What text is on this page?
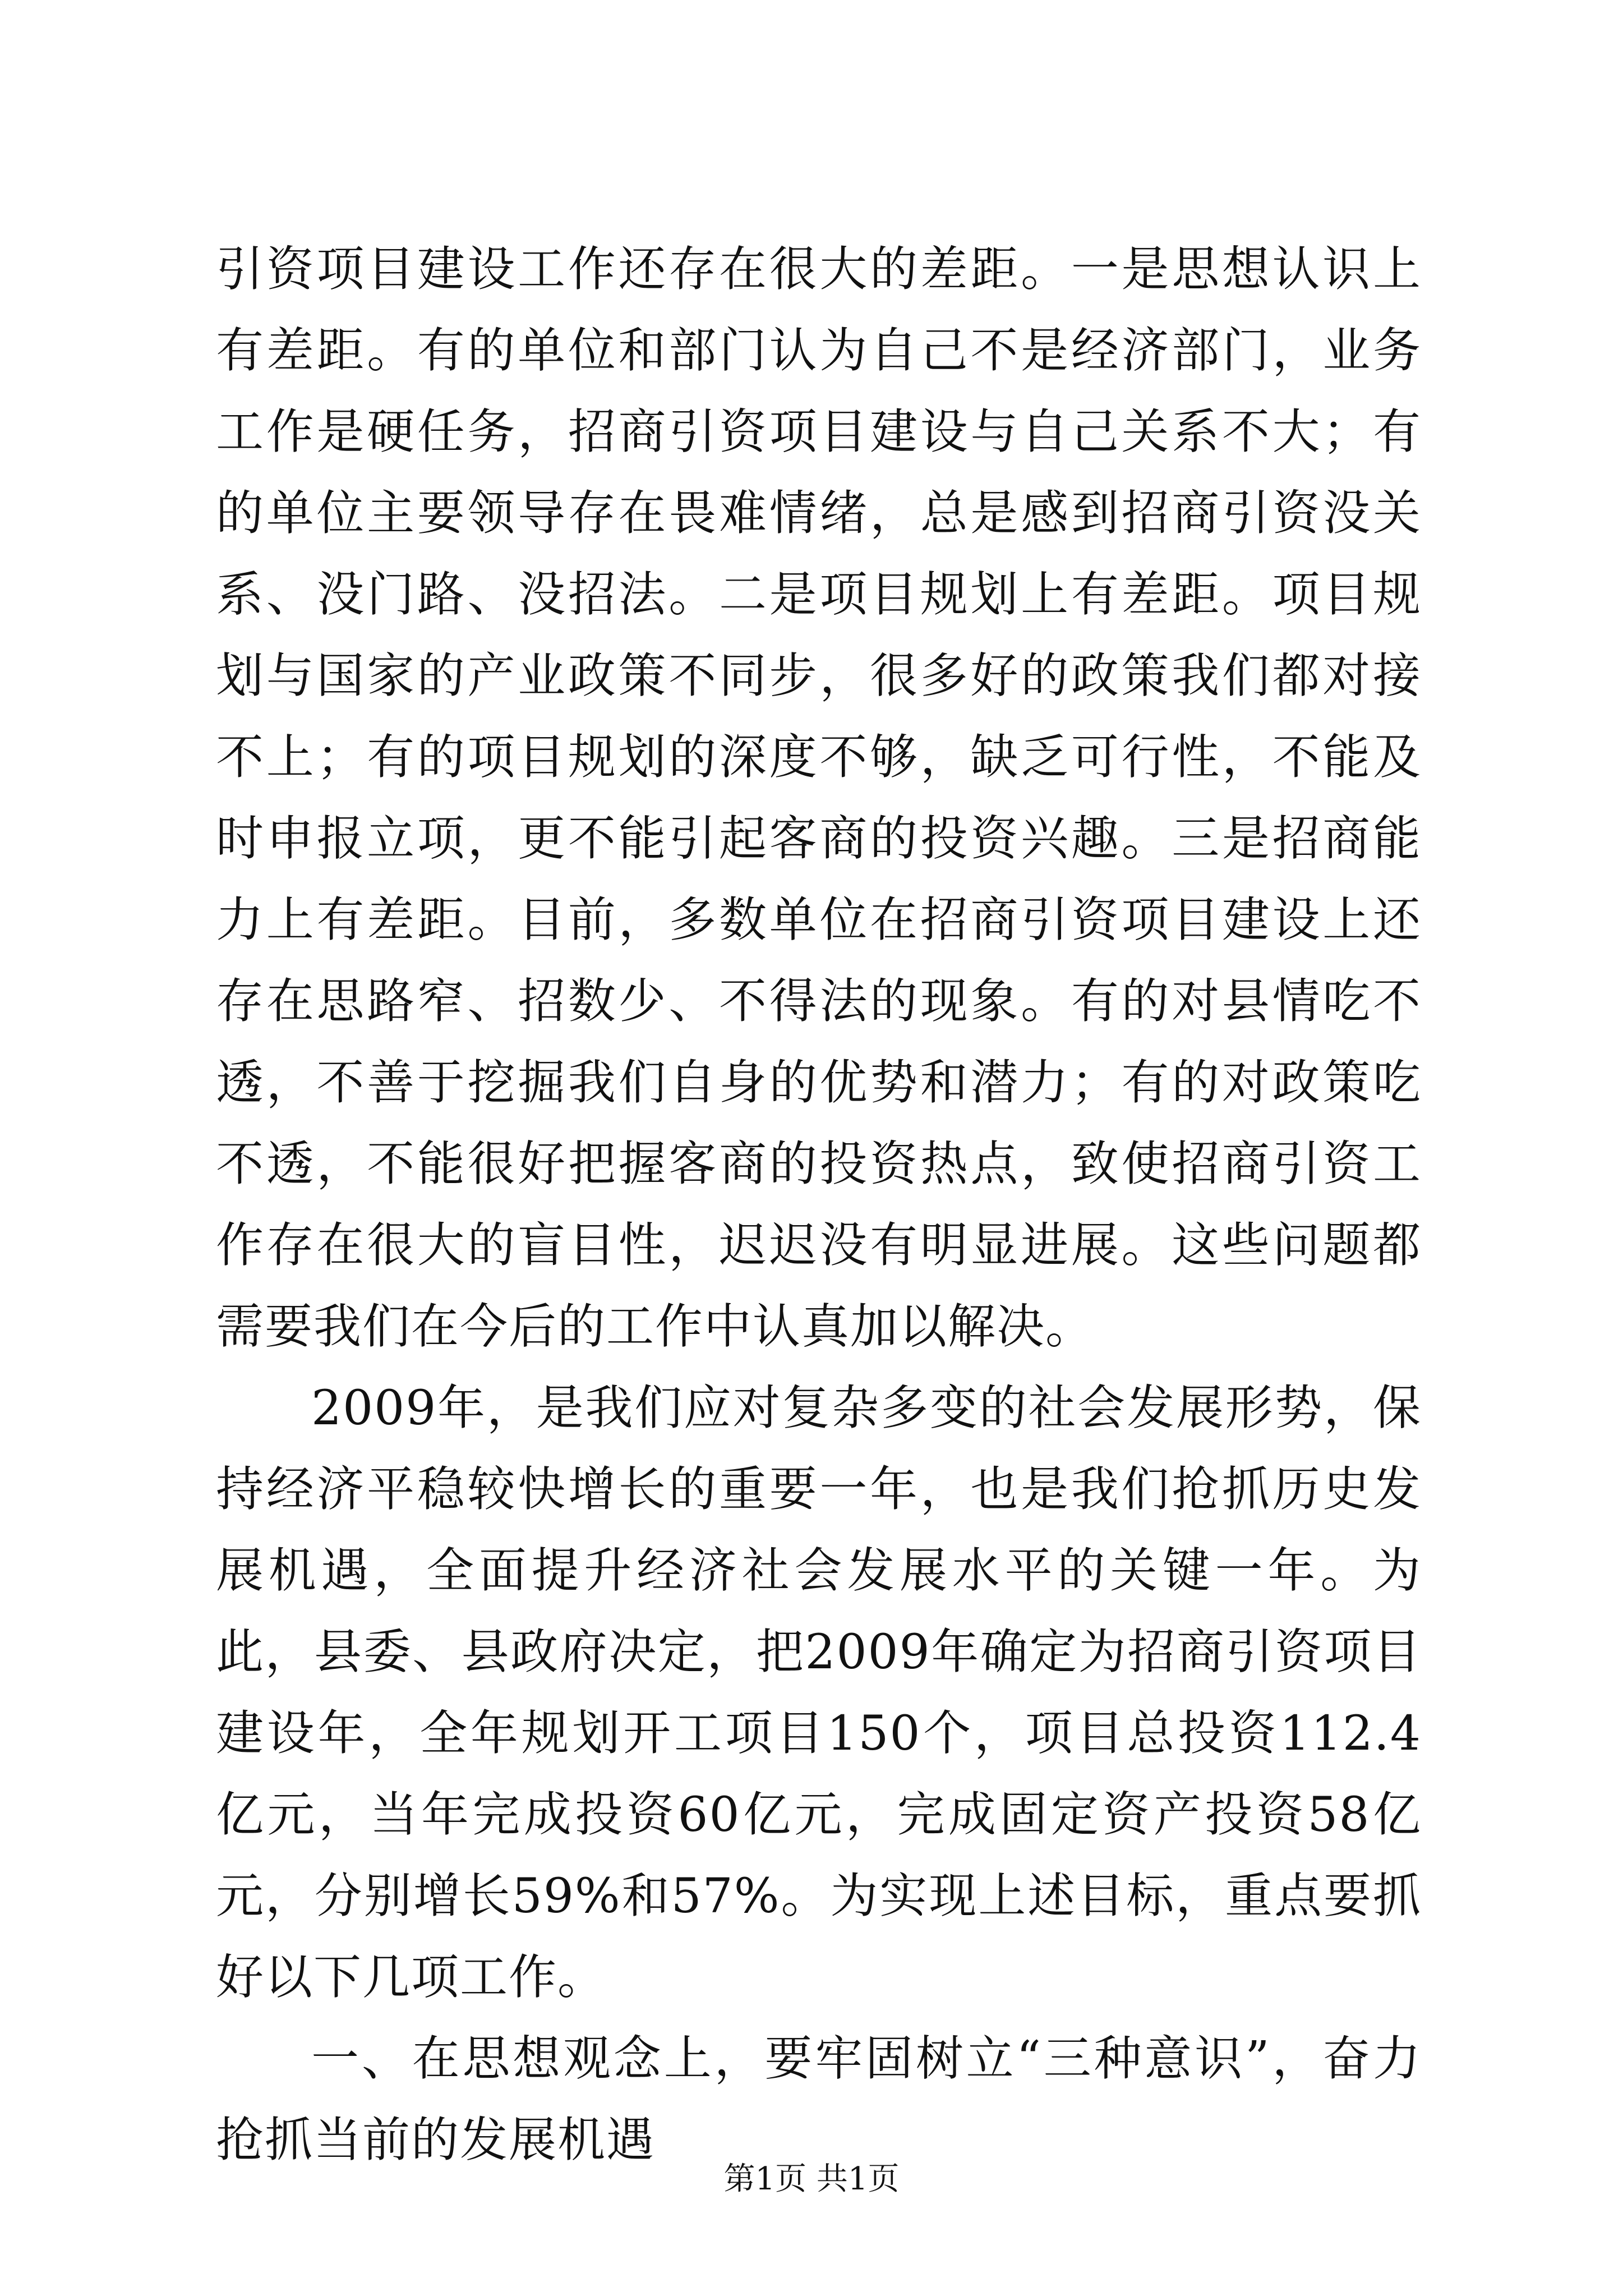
引资项目建设工作还存在很大的差距。一是思想认识上有差距。有的单位和部门认为自己不是经济部门，业务工作是硬任务，招商引资项目建设与自己关系不大；有的单位主要领导存在畏难情绪，总是感到招商引资没关系、没门路、没招法。二是项目规划上有差距。项目规划与国家的产业政策不同步，很多好的政策我们都对接不上；有的项目规划的深度不够，缺乏可行性，不能及时申报立项，更不能引起客商的投资兴趣。三是招商能力上有差距。目前，多数单位在招商引资项目建设上还存在思路窄、招数少、不得法的现象。有的对县情吃不透，不善于挖掘我们自身的优势和潜力；有的对政策吃不透，不能很好把握客商的投资热点，致使招商引资工作存在很大的盲目性，迟迟没有明显进展。这些问题都需要我们在今后的工作中认真加以解决。

2009年，是我们应对复杂多变的社会发展形势，保持经济平稳较快增长的重要一年，也是我们抢抓历史发展机遇，全面提升经济社会发展水平的关键一年。为此，县委、县政府决定，把2009年确定为招商引资项目建设年，全年规划开工项目150个，项目总投资112.4亿元，当年完成投资60亿元，完成固定资产投资58亿元，分别增长59%和57%。为实现上述目标，重点要抓好以下几项工作。

一、在思想观念上，要牢固树立“三种意识”，奋力抢抓当前的发展机遇

第1页 共1页
